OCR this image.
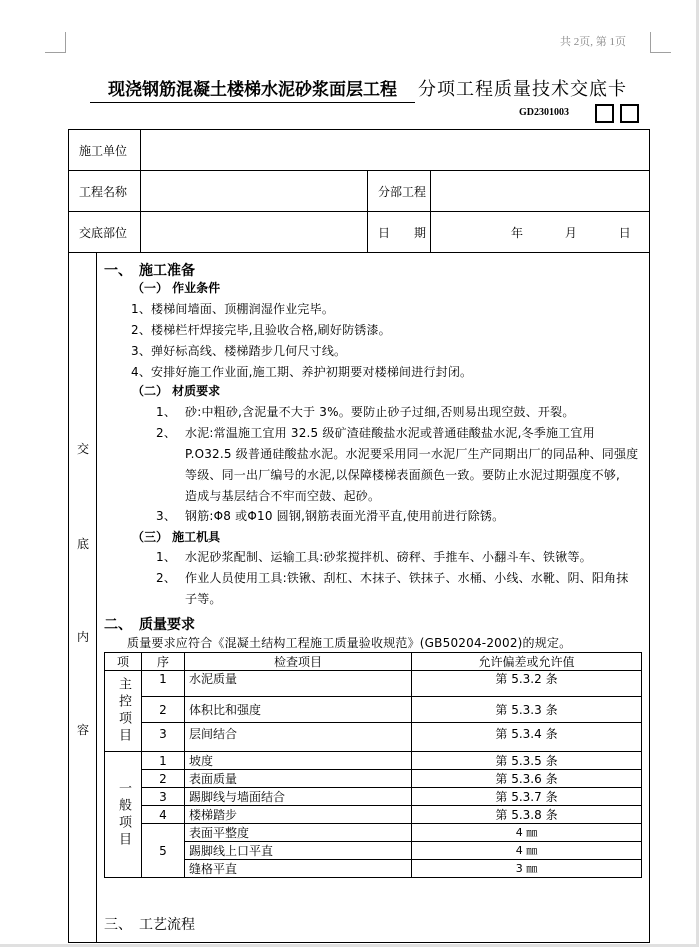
共 2页, 第 1页
现浇钢筋混凝土楼梯水泥砂浆面层工程	分项工程质量技术交底卡
GD2301003
施工单位			
工程名称		分部工程	
交底部位		日　　期	年 月 日
交
底
内
容
一、　施工准备
（一） 作业条件
1、楼梯间墙面、顶棚润湿作业完毕。
2、楼梯栏杆焊接完毕,且验收合格,刷好防锈漆。
3、弹好标高线、楼梯踏步几何尺寸线。
4、安排好施工作业面,施工期、养护初期要对楼梯间进行封闭。
（二） 材质要求
1、 砂:中粗砂,含泥量不大于 3%。要防止砂子过细,否则易出现空鼓、开裂。
2、 水泥:常温施工宜用 32.5 级矿渣硅酸盐水泥或普通硅酸盐水泥,冬季施工宜用
P.O32.5 级普通硅酸盐水泥。水泥要采用同一水泥厂生产同期出厂的同品种、同强度
等级、同一出厂编号的水泥,以保障楼梯表面颜色一致。要防止水泥过期强度不够,
造成与基层结合不牢而空鼓、起砂。
3、 钢筋:Φ8 或Φ10 圆钢,钢筋表面光滑平直,使用前进行除锈。
（三） 施工机具
1、 水泥砂浆配制、运输工具:砂浆搅拌机、磅秤、手推车、小翻斗车、铁锹等。
2、 作业人员使用工具:铁锹、刮杠、木抹子、铁抹子、水桶、小线、水靴、阴、阳角抹
子等。
二、　质量要求
质量要求应符合《混凝土结构工程施工质量验收规范》(GB50204-2002)的规定。
三、　工艺流程
项	序	检查项目	允许偏差或允许值
主控项目	1	水泥质量	第 5.3.2 条
	2	体积比和强度	第 5.3.3 条
	3	层间结合	第 5.3.4 条
一般项目	1	坡度	第 5.3.5 条
	2	表面质量	第 5.3.6 条
	3	踢脚线与墙面结合	第 5.3.7 条
	4	楼梯踏步	第 5.3.8 条
	5	表面平整度	4 ㎜
		踢脚线上口平直	4 ㎜
		缝格平直	3 ㎜
